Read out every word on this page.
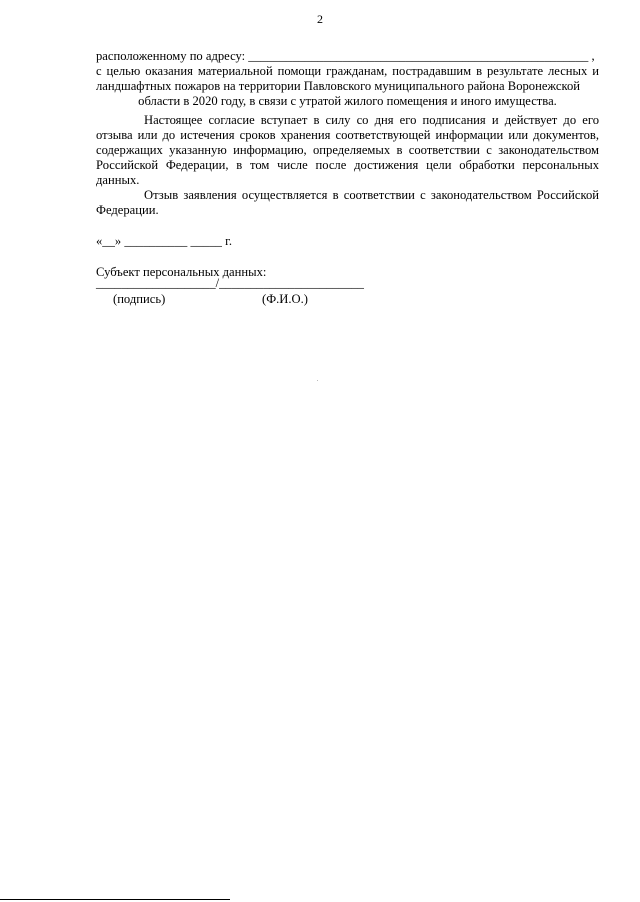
2
расположенному по адресу: ______________________________________________________ ,
с целью оказания материальной помощи гражданам, пострадавшим в результате лесных и ландшафтных пожаров на территории Павловского муниципального района Воронежской
области в 2020 году, в связи с утратой жилого помещения и иного имущества.
Настоящее согласие вступает в силу со дня его подписания и действует до его отзыва или до истечения сроков хранения соответствующей информации или документов, содержащих указанную информацию, определяемых в соответствии с законодательством Российской Федерации, в том числе после достижения цели обработки персональных данных.
Отзыв заявления осуществляется в соответствии с законодательством Российской Федерации.
«__» __________ _____ г.
Субъект персональных данных:
___________________/_______________________
(подпись)	(Ф.И.О.)
